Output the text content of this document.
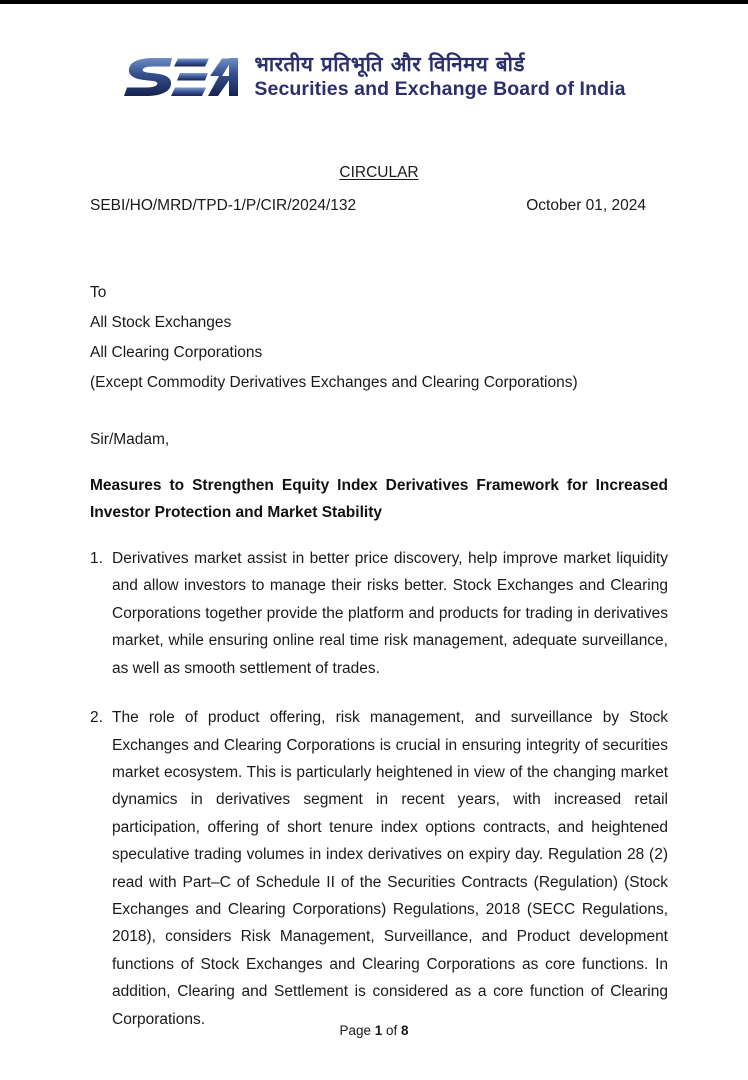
भारतीय प्रतिभूति और विनिमय बोर्ड
Securities and Exchange Board of India
CIRCULAR
SEBI/HO/MRD/TPD-1/P/CIR/2024/132	October 01, 2024
To
All Stock Exchanges
All Clearing Corporations
(Except Commodity Derivatives Exchanges and Clearing Corporations)
Sir/Madam,
Measures to Strengthen Equity Index Derivatives Framework for Increased Investor Protection and Market Stability
1. Derivatives market assist in better price discovery, help improve market liquidity and allow investors to manage their risks better. Stock Exchanges and Clearing Corporations together provide the platform and products for trading in derivatives market, while ensuring online real time risk management, adequate surveillance, as well as smooth settlement of trades.
2. The role of product offering, risk management, and surveillance by Stock Exchanges and Clearing Corporations is crucial in ensuring integrity of securities market ecosystem. This is particularly heightened in view of the changing market dynamics in derivatives segment in recent years, with increased retail participation, offering of short tenure index options contracts, and heightened speculative trading volumes in index derivatives on expiry day. Regulation 28 (2) read with Part–C of Schedule II of the Securities Contracts (Regulation) (Stock Exchanges and Clearing Corporations) Regulations, 2018 (SECC Regulations, 2018), considers Risk Management, Surveillance, and Product development functions of Stock Exchanges and Clearing Corporations as core functions. In addition, Clearing and Settlement is considered as a core function of Clearing Corporations.
Page 1 of 8
